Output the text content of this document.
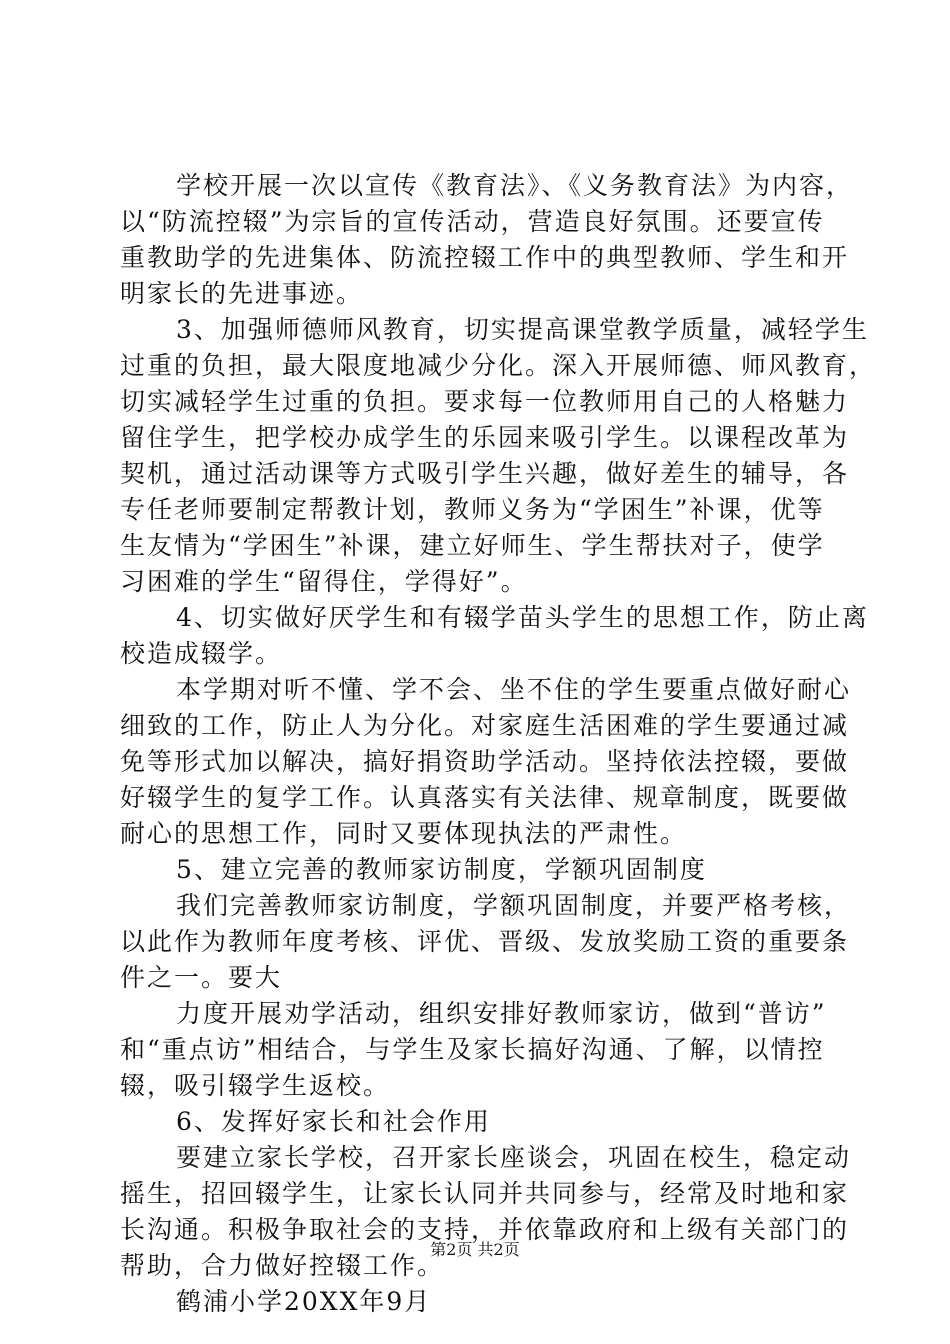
学校开展一次以宣传《教育法》、《义务教育法》为内容，
以“防流控辍”为宗旨的宣传活动，营造良好氛围。还要宣传
重教助学的先进集体、防流控辍工作中的典型教师、学生和开
明家长的先进事迹。
3、加强师德师风教育，切实提高课堂教学质量，减轻学生
过重的负担，最大限度地减少分化。深入开展师德、师风教育，
切实减轻学生过重的负担。要求每一位教师用自己的人格魅力
留住学生，把学校办成学生的乐园来吸引学生。以课程改革为
契机，通过活动课等方式吸引学生兴趣，做好差生的辅导，各
专任老师要制定帮教计划，教师义务为“学困生”补课，优等
生友情为“学困生”补课，建立好师生、学生帮扶对子，使学
习困难的学生“留得住，学得好”。
4、切实做好厌学生和有辍学苗头学生的思想工作，防止离
校造成辍学。
本学期对听不懂、学不会、坐不住的学生要重点做好耐心
细致的工作，防止人为分化。对家庭生活困难的学生要通过减
免等形式加以解决，搞好捐资助学活动。坚持依法控辍，要做
好辍学生的复学工作。认真落实有关法律、规章制度，既要做
耐心的思想工作，同时又要体现执法的严肃性。
5、建立完善的教师家访制度，学额巩固制度
我们完善教师家访制度，学额巩固制度，并要严格考核，
以此作为教师年度考核、评优、晋级、发放奖励工资的重要条
件之一。要大
力度开展劝学活动，组织安排好教师家访，做到“普访”
和“重点访”相结合，与学生及家长搞好沟通、了解，以情控
辍，吸引辍学生返校。
6、发挥好家长和社会作用
要建立家长学校，召开家长座谈会，巩固在校生，稳定动
摇生，招回辍学生，让家长认同并共同参与，经常及时地和家
长沟通。积极争取社会的支持，并依靠政府和上级有关部门的
帮助，合力做好控辍工作。
鹤浦小学20XX年9月
第2页 共2页
